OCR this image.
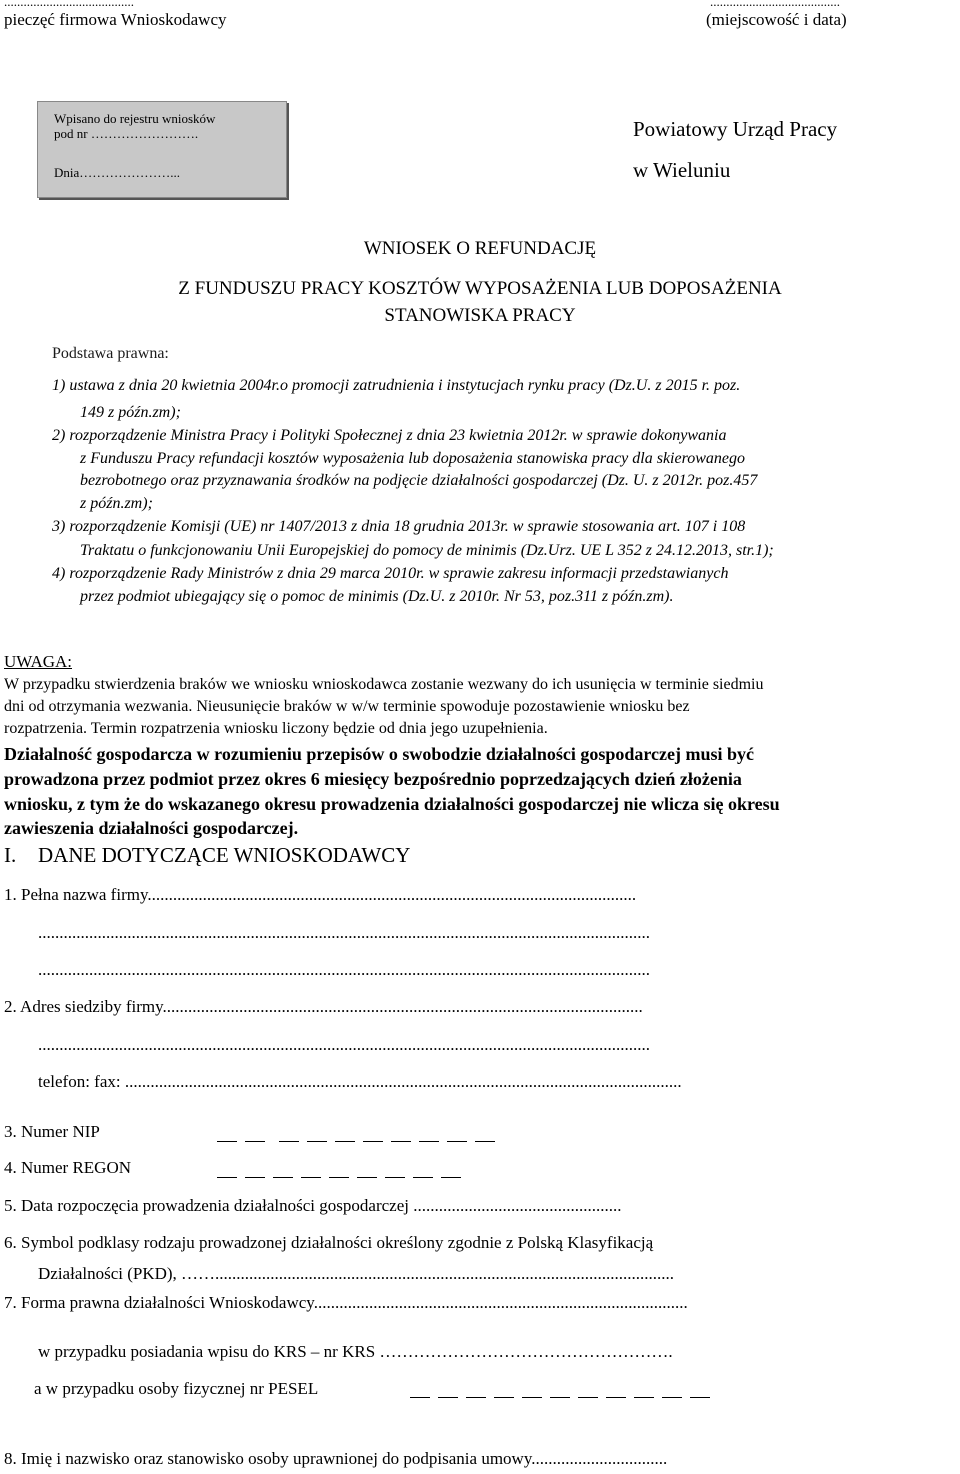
........................................	........................................
pieczęć firmowa Wnioskodawcy	(miejscowość i data)
Wpisano do rejestru wniosków
pod nr …………………….
Dnia…………………...
Powiatowy Urząd Pracy
w Wieluniu
WNIOSEK O REFUNDACJĘ
Z FUNDUSZU PRACY KOSZTÓW WYPOSAŻENIA LUB DOPOSAŻENIA
STANOWISKA PRACY
Podstawa prawna:
1) ustawa z dnia 20 kwietnia 2004r.o promocji zatrudnienia i instytucjach rynku pracy (Dz.U. z 2015 r. poz.
149 z późn.zm);
2) rozporządzenie Ministra Pracy i Polityki Społecznej z dnia 23 kwietnia 2012r. w sprawie dokonywania
z Funduszu Pracy refundacji kosztów wyposażenia lub doposażenia stanowiska pracy dla skierowanego
bezrobotnego oraz przyznawania środków na podjęcie działalności gospodarczej (Dz. U. z 2012r. poz.457
z późn.zm);
3) rozporządzenie Komisji (UE) nr 1407/2013 z dnia 18 grudnia 2013r. w sprawie stosowania art. 107 i 108
Traktatu o funkcjonowaniu Unii Europejskiej do pomocy de minimis (Dz.Urz. UE L 352 z 24.12.2013, str.1);
4) rozporządzenie Rady Ministrów z dnia 29 marca 2010r. w sprawie zakresu informacji przedstawianych
przez podmiot ubiegający się o pomoc de minimis (Dz.U. z 2010r. Nr 53, poz.311 z późn.zm).
UWAGA:
W przypadku stwierdzenia braków we wniosku wnioskodawca zostanie wezwany do ich usunięcia w terminie siedmiu
dni od otrzymania wezwania. Nieusunięcie braków w w/w terminie spowoduje pozostawienie wniosku bez
rozpatrzenia. Termin rozpatrzenia wniosku liczony będzie od dnia jego uzupełnienia.
Działalność gospodarcza w rozumieniu przepisów o swobodzie działalności gospodarczej musi być
prowadzona przez podmiot przez okres 6 miesięcy bezpośrednio poprzedzających dzień złożenia
wniosku, z tym że do wskazanego okresu prowadzenia działalności gospodarczej nie wlicza się okresu
zawieszenia działalności gospodarczej.
I. DANE DOTYCZĄCE WNIOSKODAWCY
1. Pełna nazwa firmy...................................................................................................................
................................................................................................................................................
................................................................................................................................................
2. Adres siedziby firmy.................................................................................................................
................................................................................................................................................
telefon: fax: ...................................................................................................................................
3. Numer NIP
4. Numer REGON
5. Data rozpoczęcia prowadzenia działalności gospodarczej .................................................
6. Symbol podklasy rodzaju prowadzonej działalności określony zgodnie z Polską Klasyfikacją
Działalności (PKD), ……............................................................................................................
7. Forma prawna działalności Wnioskodawcy........................................................................................
w przypadku posiadania wpisu do KRS – nr KRS …………………………………………….
a w przypadku osoby fizycznej nr PESEL
8. Imię i nazwisko oraz stanowisko osoby uprawnionej do podpisania umowy................................
